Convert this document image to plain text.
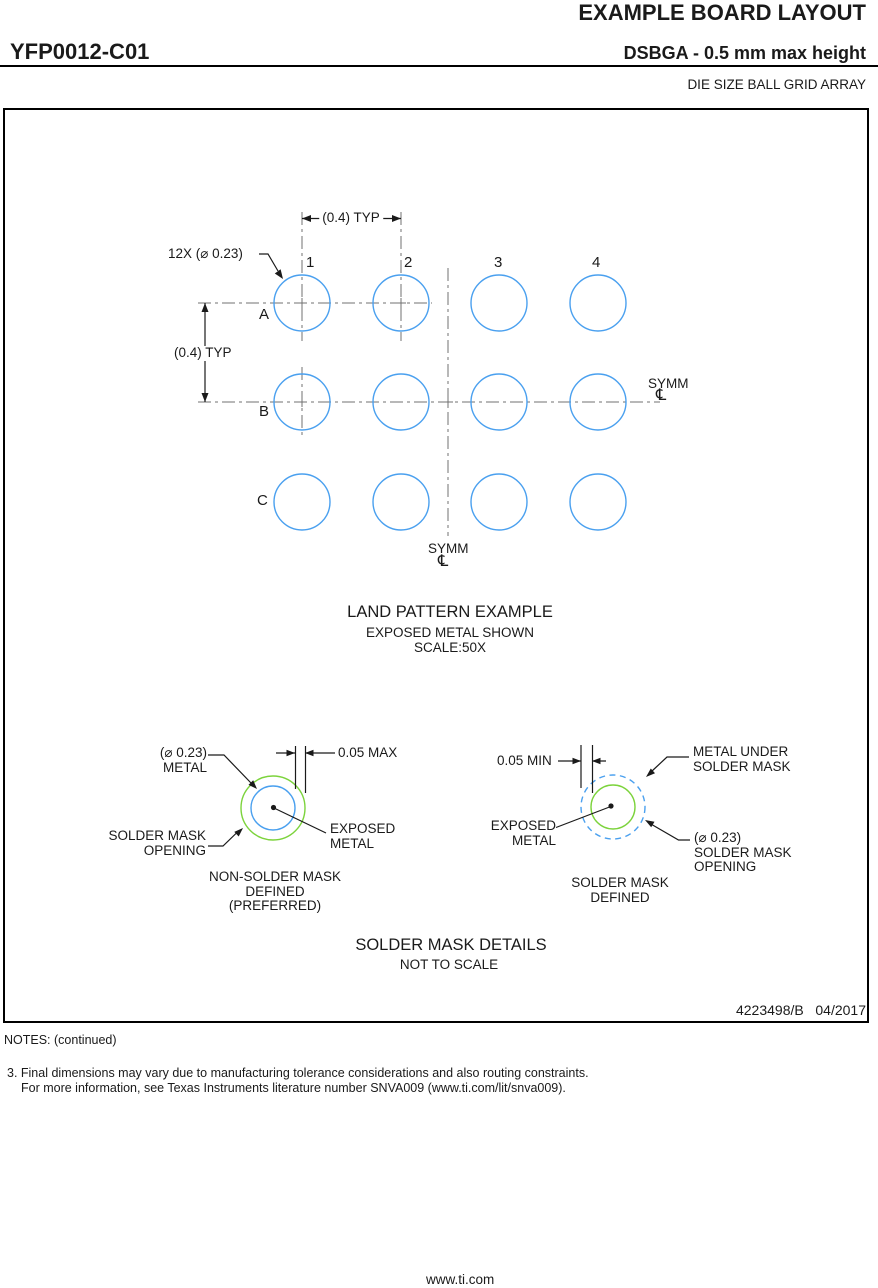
EXAMPLE BOARD LAYOUT
YFP0012-C01	DSBGA - 0.5 mm max height
DIE SIZE BALL GRID ARRAY
1	2	3	4
A
B
C
(0.4) TYP
(0.4) TYP
12X (⌀ 0.23)
SYMM
℄
SYMM
℄
LAND PATTERN EXAMPLE
EXPOSED METAL SHOWN
SCALE:50X
(⌀ 0.23)
METAL
0.05 MAX
SOLDER MASK
OPENING
EXPOSED
METAL
NON-SOLDER MASK
DEFINED
(PREFERRED)
0.05 MIN
METAL UNDER
SOLDER MASK
EXPOSED
METAL	(⌀ 0.23)
SOLDER MASK
OPENING
SOLDER MASK
DEFINED
SOLDER MASK DETAILS
NOT TO SCALE
4223498/B 04/2017
NOTES: (continued)
3. Final dimensions may vary due to manufacturing tolerance considerations and also routing constraints.
For more information, see Texas Instruments literature number SNVA009 (www.ti.com/lit/snva009).
www.ti.com
